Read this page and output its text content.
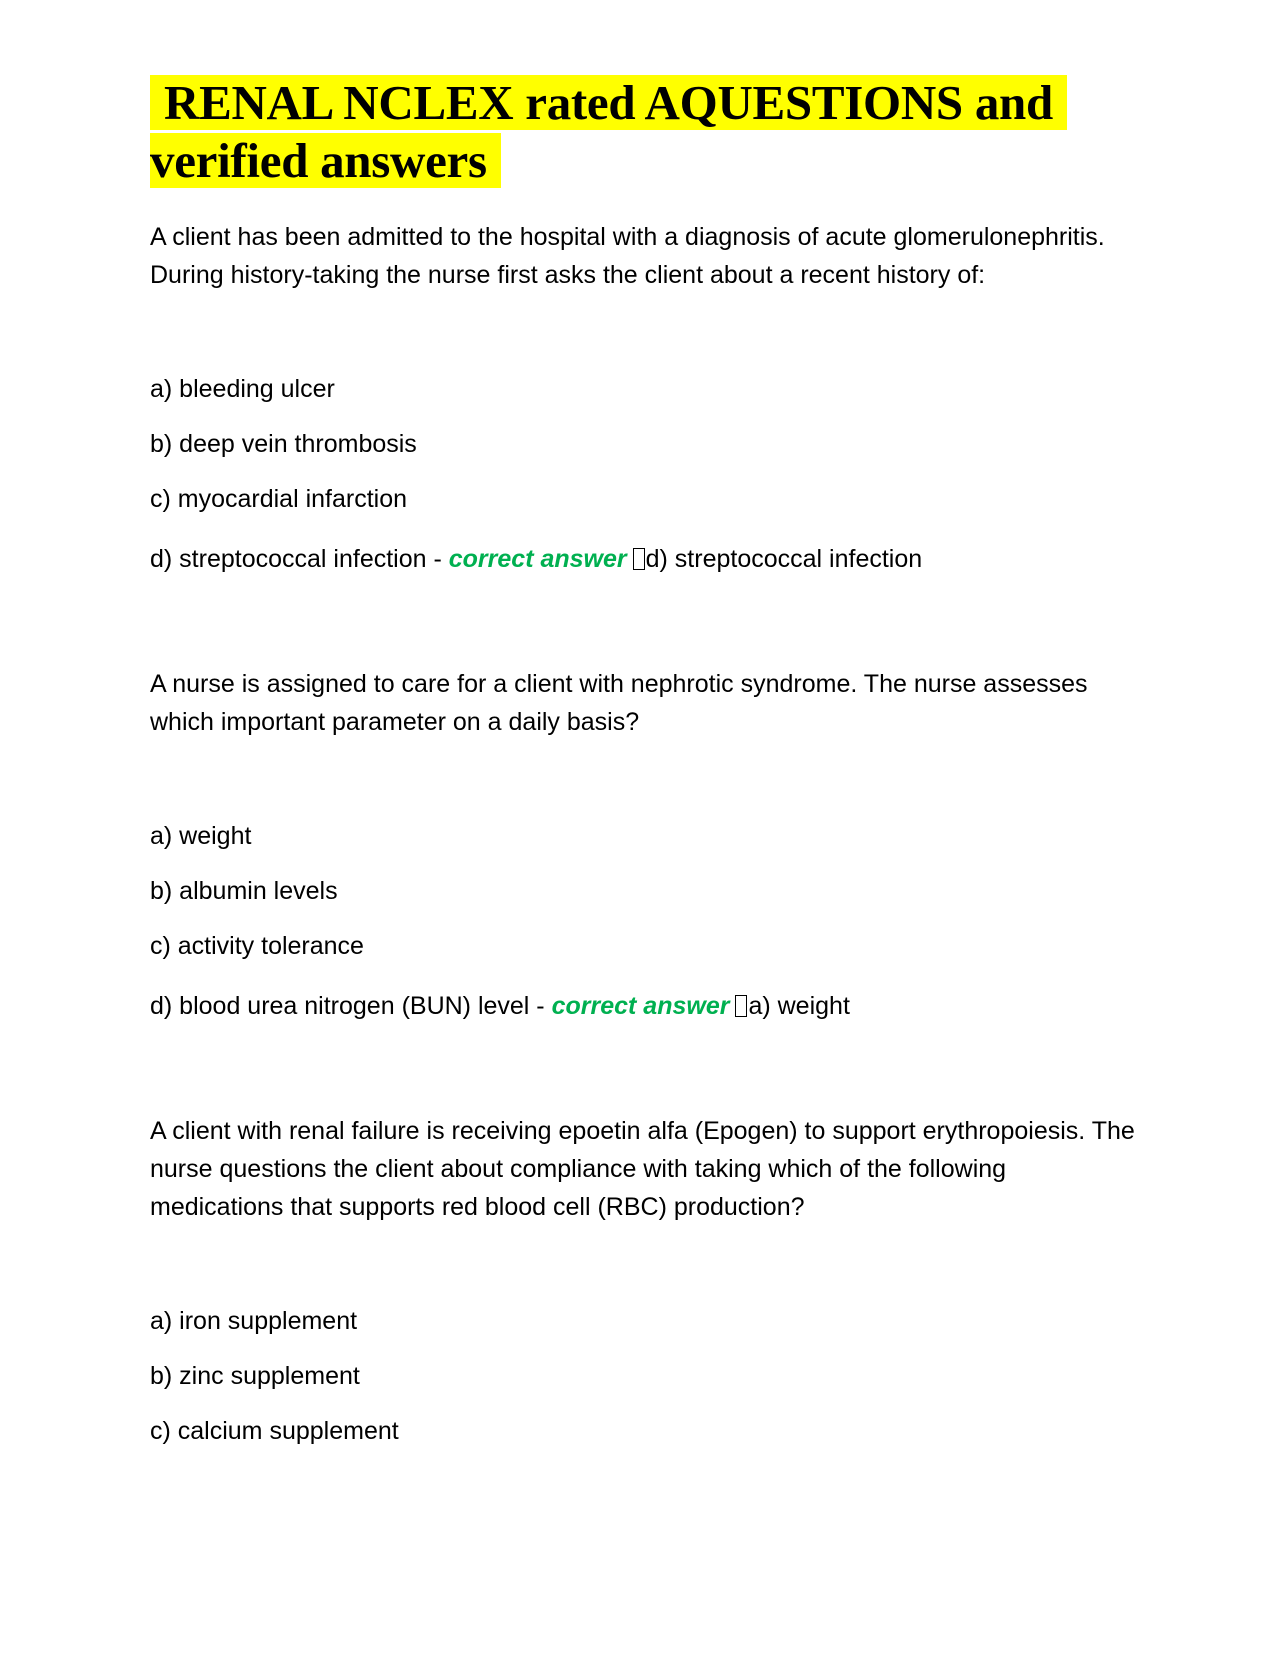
RENAL NCLEX rated AQUESTIONS and
verified answers

A client has been admitted to the hospital with a diagnosis of acute glomerulonephritis. During history-taking the nurse first asks the client about a recent history of:

a) bleeding ulcer

b) deep vein thrombosis

c) myocardial infarction

d) streptococcal infection - correct answer d) streptococcal infection

A nurse is assigned to care for a client with nephrotic syndrome. The nurse assesses which important parameter on a daily basis?

a) weight

b) albumin levels

c) activity tolerance

d) blood urea nitrogen (BUN) level - correct answer a) weight

A client with renal failure is receiving epoetin alfa (Epogen) to support erythropoiesis. The nurse questions the client about compliance with taking which of the following medications that supports red blood cell (RBC) production?

a) iron supplement

b) zinc supplement

c) calcium supplement
